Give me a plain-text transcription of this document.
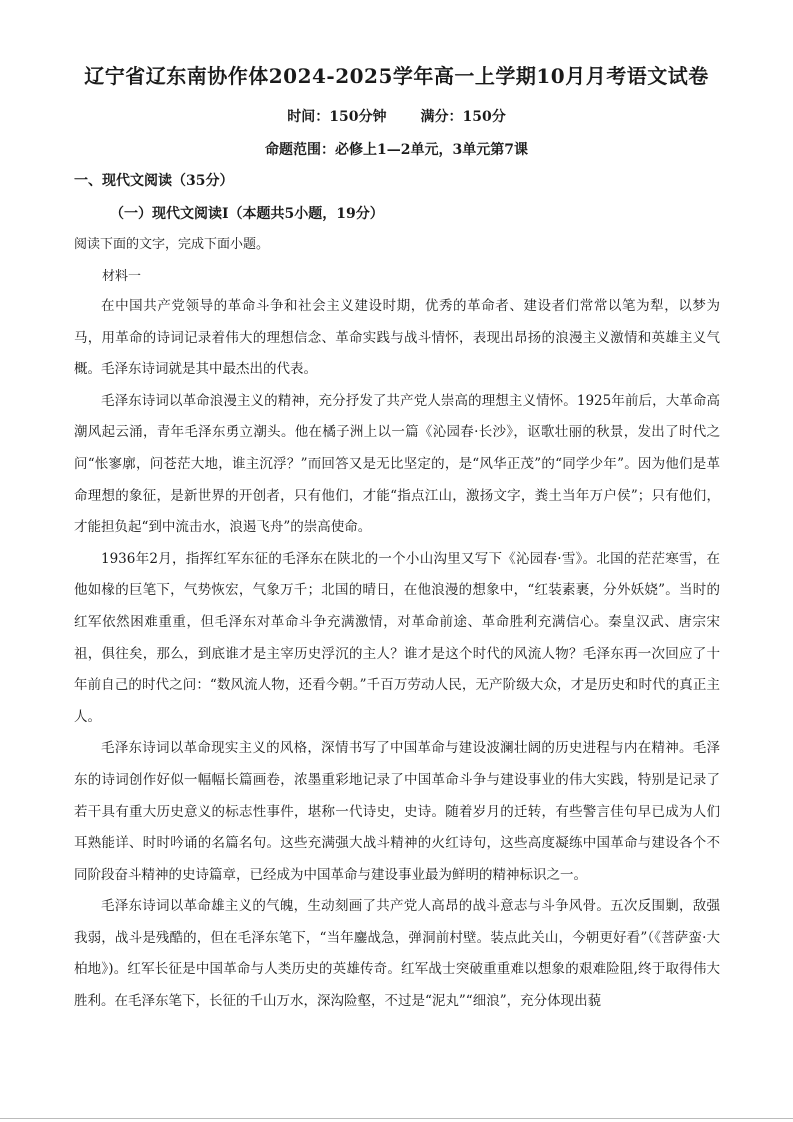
辽宁省辽东南协作体2024-2025学年高一上学期10月月考语文试卷
时间：150分钟 满分：150分
命题范围：必修上1—2单元，3单元第7课
一、现代文阅读（35分）
（一）现代文阅读Ⅰ（本题共5小题，19分）
阅读下面的文字，完成下面小题。
材料一

在中国共产党领导的革命斗争和社会主义建设时期，优秀的革命者、建设者们常常以笔为犁，以梦为马，用革命的诗词记录着伟大的理想信念、革命实践与战斗情怀，表现出昂扬的浪漫主义激情和英雄主义气概。毛泽东诗词就是其中最杰出的代表。

毛泽东诗词以革命浪漫主义的精神，充分抒发了共产党人崇高的理想主义情怀。1925年前后，大革命高潮风起云涌，青年毛泽东勇立潮头。他在橘子洲上以一篇《沁园春·长沙》，讴歌壮丽的秋景，发出了时代之问“怅寥廓，问苍茫大地，谁主沉浮？”而回答又是无比坚定的，是“风华正茂”的“同学少年”。因为他们是革命理想的象征，是新世界的开创者，只有他们，才能“指点江山，激扬文字，粪土当年万户侯”；只有他们，才能担负起“到中流击水，浪遏飞舟”的崇高使命。

1936年2月，指挥红军东征的毛泽东在陕北的一个小山沟里又写下《沁园春·雪》。北国的茫茫寒雪，在他如椽的巨笔下，气势恢宏，气象万千；北国的晴日，在他浪漫的想象中，“红装素裹，分外妖娆”。当时的红军依然困难重重，但毛泽东对革命斗争充满激情，对革命前途、革命胜利充满信心。秦皇汉武、唐宗宋祖，俱往矣，那么，到底谁才是主宰历史浮沉的主人？谁才是这个时代的风流人物？毛泽东再一次回应了十年前自己的时代之问：“数风流人物，还看今朝。”千百万劳动人民，无产阶级大众，才是历史和时代的真正主人。

毛泽东诗词以革命现实主义的风格，深情书写了中国革命与建设波澜壮阔的历史进程与内在精神。毛泽东的诗词创作好似一幅幅长篇画卷，浓墨重彩地记录了中国革命斗争与建设事业的伟大实践，特别是记录了若干具有重大历史意义的标志性事件，堪称一代诗史，史诗。随着岁月的迁转，有些警言佳句早已成为人们耳熟能详、时时吟诵的名篇名句。这些充满强大战斗精神的火红诗句，这些高度凝练中国革命与建设各个不同阶段奋斗精神的史诗篇章，已经成为中国革命与建设事业最为鲜明的精神标识之一。

毛泽东诗词以革命雄主义的气魄，生动刻画了共产党人高昂的战斗意志与斗争风骨。五次反围剿，敌强我弱，战斗是残酷的，但在毛泽东笔下，“当年鏖战急，弹洞前村壁。装点此关山，今朝更好看”（《菩萨蛮·大柏地》)。红军长征是中国革命与人类历史的英雄传奇。红军战士突破重重难以想象的艰难险阻,终于取得伟大胜利。在毛泽东笔下，长征的千山万水，深沟险壑，不过是“泥丸”“细浪”，充分体现出藐
